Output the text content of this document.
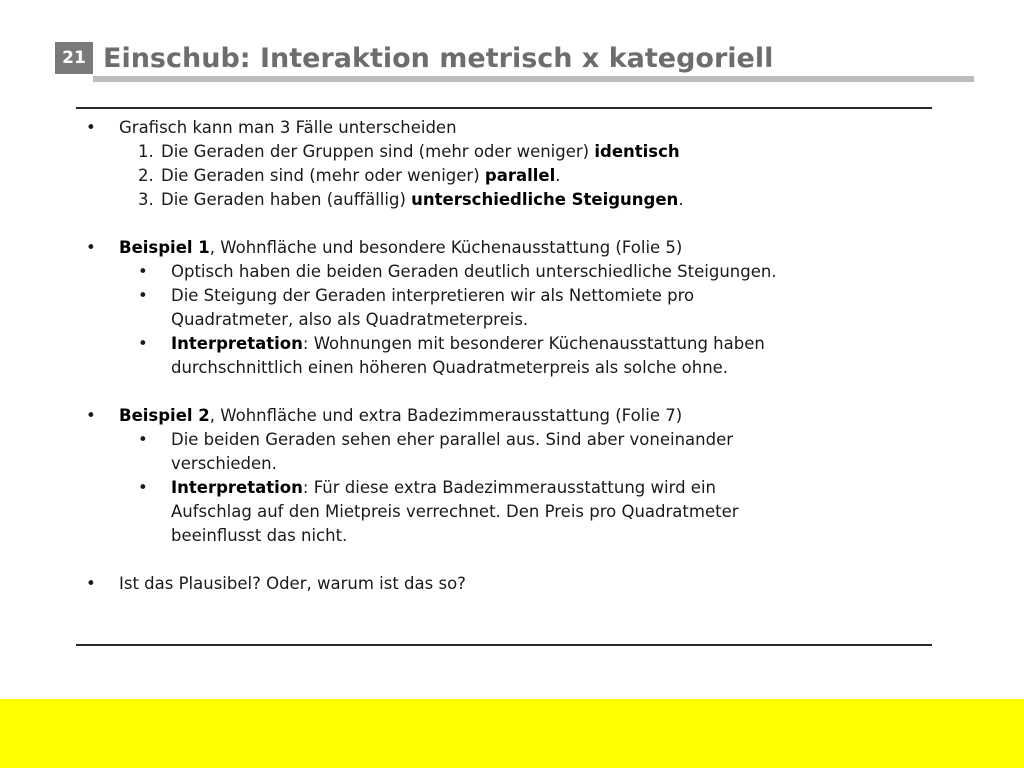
21 Einschub: Interaktion metrisch x kategoriell
• Grafisch kann man 3 Fälle unterscheiden
1. Die Geraden der Gruppen sind (mehr oder weniger) identisch
2. Die Geraden sind (mehr oder weniger) parallel.
3. Die Geraden haben (auffällig) unterschiedliche Steigungen.
• Beispiel 1, Wohnfläche und besondere Küchenausstattung (Folie 5)
• Optisch haben die beiden Geraden deutlich unterschiedliche Steigungen.
• Die Steigung der Geraden interpretieren wir als Nettomiete pro
Quadratmeter, also als Quadratmeterpreis.
• Interpretation: Wohnungen mit besonderer Küchenausstattung haben
durchschnittlich einen höheren Quadratmeterpreis als solche ohne.
• Beispiel 2, Wohnfläche und extra Badezimmerausstattung (Folie 7)
• Die beiden Geraden sehen eher parallel aus. Sind aber voneinander
verschieden.
• Interpretation: Für diese extra Badezimmerausstattung wird ein
Aufschlag auf den Mietpreis verrechnet. Den Preis pro Quadratmeter
beeinflusst das nicht.
• Ist das Plausibel? Oder, warum ist das so?
